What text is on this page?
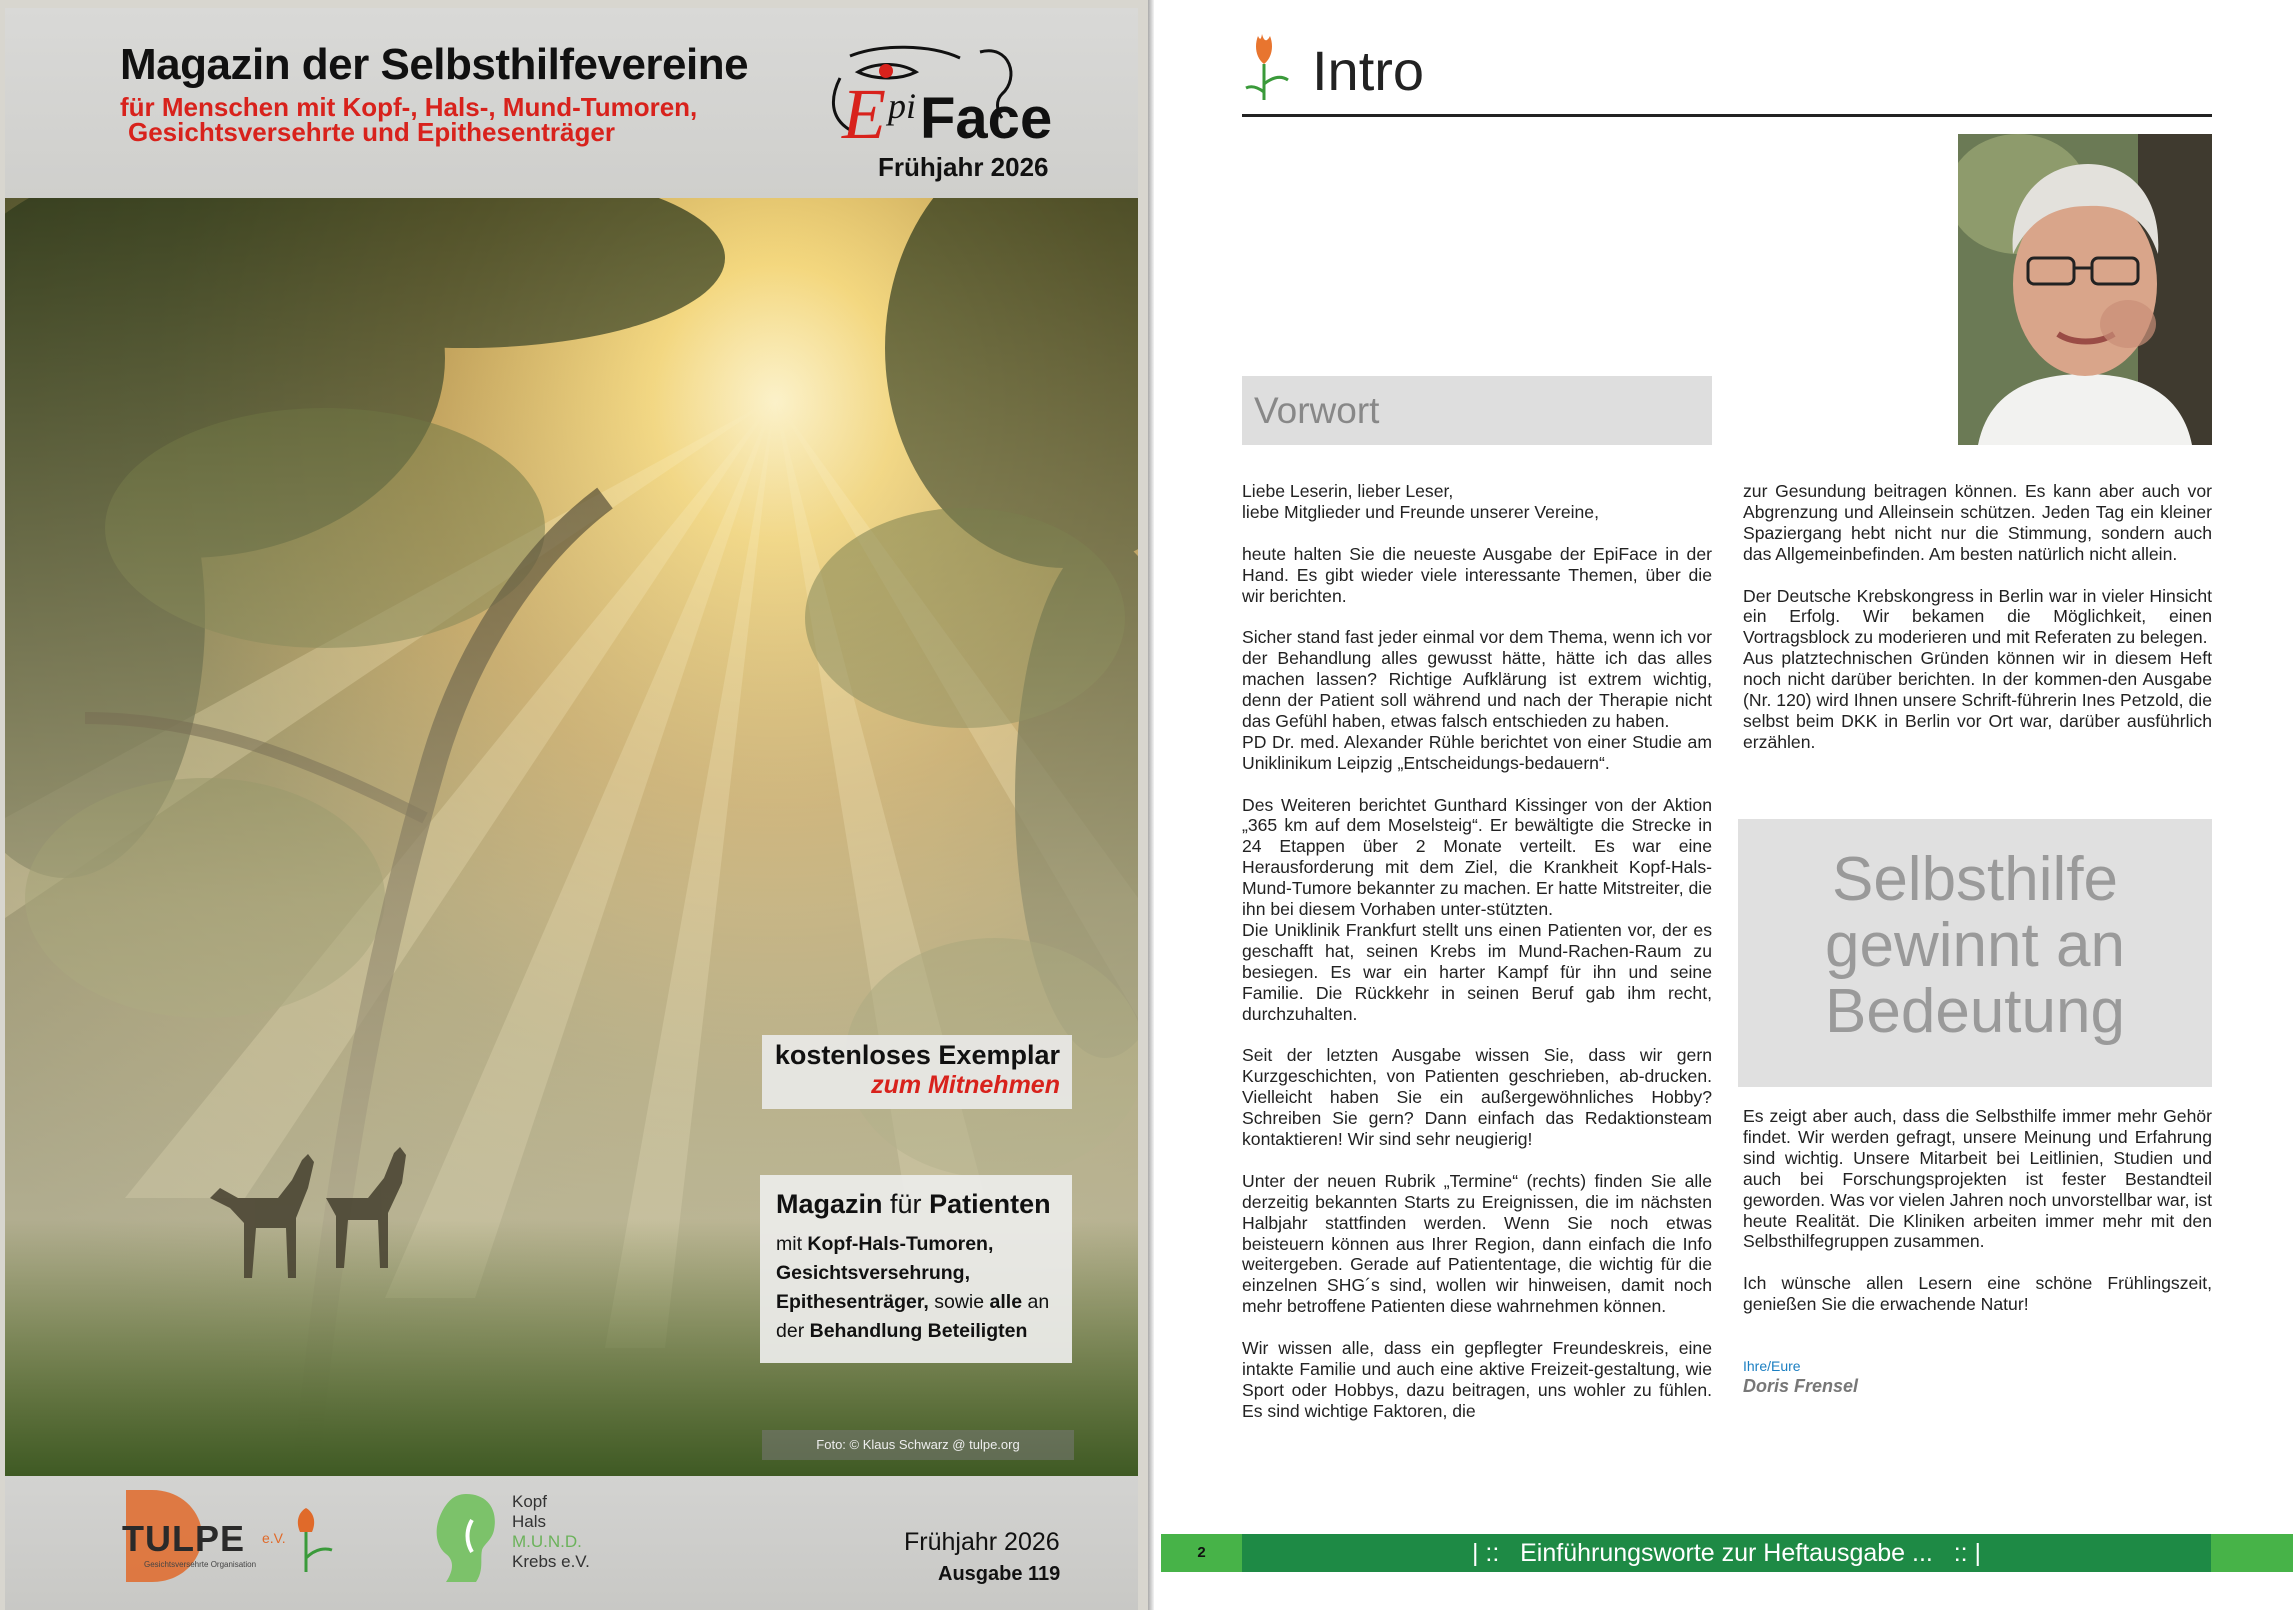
Magazin der Selbsthilfevereine
für Menschen mit Kopf-, Hals-, Mund-Tumoren,
Gesichtsversehrte und Epithesenträger	E pi Face
Frühjahr 2026
kostenloses Exemplar
zum Mitnehmen
Magazin für Patienten
mit Kopf-Hals-Tumoren,
Gesichtsversehrung,
Epithesenträger, sowie alle an
der Behandlung Beteiligten
Foto: © Klaus Schwarz @ tulpe.org
TULPE e.V.
Gesichtsversehrte Organisation
Kopf
Hals
M.U.N.D.
Krebs e.V.
Frühjahr 2026
Ausgabe 119
Intro
Vorwort

Liebe Leserin, lieber Leser,
liebe Mitglieder und Freunde unserer Vereine,

heute halten Sie die neueste Ausgabe der EpiFace in der Hand. Es gibt wieder viele interessante Themen, über die wir berichten.

Sicher stand fast jeder einmal vor dem Thema, wenn ich vor der Behandlung alles gewusst hätte, hätte ich das alles machen lassen? Richtige Aufklärung ist extrem wichtig, denn der Patient soll während und nach der Therapie nicht das Gefühl haben, etwas falsch entschieden zu haben.
PD Dr. med. Alexander Rühle berichtet von einer Studie am Uniklinikum Leipzig „Entscheidungs-bedauern“.

Des Weiteren berichtet Gunthard Kissinger von der Aktion „365 km auf dem Moselsteig“. Er bewältigte die Strecke in 24 Etappen über 2 Monate verteilt. Es war eine Herausforderung mit dem Ziel, die Krankheit Kopf-Hals-Mund-Tumore bekannter zu machen. Er hatte Mitstreiter, die ihn bei diesem Vorhaben unter-stützten.
Die Uniklinik Frankfurt stellt uns einen Patienten vor, der es geschafft hat, seinen Krebs im Mund-Rachen-Raum zu besiegen. Es war ein harter Kampf für ihn und seine Familie. Die Rückkehr in seinen Beruf gab ihm recht, durchzuhalten.

Seit der letzten Ausgabe wissen Sie, dass wir gern Kurzgeschichten, von Patienten geschrieben, ab-drucken. Vielleicht haben Sie ein außergewöhnliches Hobby? Schreiben Sie gern? Dann einfach das Redaktionsteam kontaktieren! Wir sind sehr neugierig!

Unter der neuen Rubrik „Termine“ (rechts) finden Sie alle derzeitig bekannten Starts zu Ereignissen, die im nächsten Halbjahr stattfinden werden. Wenn Sie noch etwas beisteuern können aus Ihrer Region, dann einfach die Info weitergeben. Gerade auf Patiententage, die wichtig für die einzelnen SHG´s sind, wollen wir hinweisen, damit noch mehr betroffene Patienten diese wahrnehmen können.

Wir wissen alle, dass ein gepflegter Freundeskreis, eine intakte Familie und auch eine aktive Freizeit-gestaltung, wie Sport oder Hobbys, dazu beitragen, uns wohler zu fühlen. Es sind wichtige Faktoren, die

zur Gesundung beitragen können. Es kann aber auch vor Abgrenzung und Alleinsein schützen. Jeden Tag ein kleiner Spaziergang hebt nicht nur die Stimmung, sondern auch das Allgemeinbefinden. Am besten natürlich nicht allein.

Der Deutsche Krebskongress in Berlin war in vieler Hinsicht ein Erfolg. Wir bekamen die Möglichkeit, einen Vortragsblock zu moderieren und mit Referaten zu belegen.
Aus platztechnischen Gründen können wir in diesem Heft noch nicht darüber berichten. In der kommen-den Ausgabe (Nr. 120) wird Ihnen unsere Schrift-führerin Ines Petzold, die selbst beim DKK in Berlin vor Ort war, darüber ausführlich erzählen.

Selbsthilfe
gewinnt an
Bedeutung

Es zeigt aber auch, dass die Selbsthilfe immer mehr Gehör findet. Wir werden gefragt, unsere Meinung und Erfahrung sind wichtig. Unsere Mitarbeit bei Leitlinien, Studien und auch bei Forschungsprojekten ist fester Bestandteil geworden. Was vor vielen Jahren noch unvorstellbar war, ist heute Realität. Die Kliniken arbeiten immer mehr mit den Selbsthilfegruppen zusammen.

Ich wünsche allen Lesern eine schöne Frühlingszeit, genießen Sie die erwachende Natur!

Ihre/Eure
Doris Frensel
2	| :: Einführungsworte zur Heftausgabe ... :: |
